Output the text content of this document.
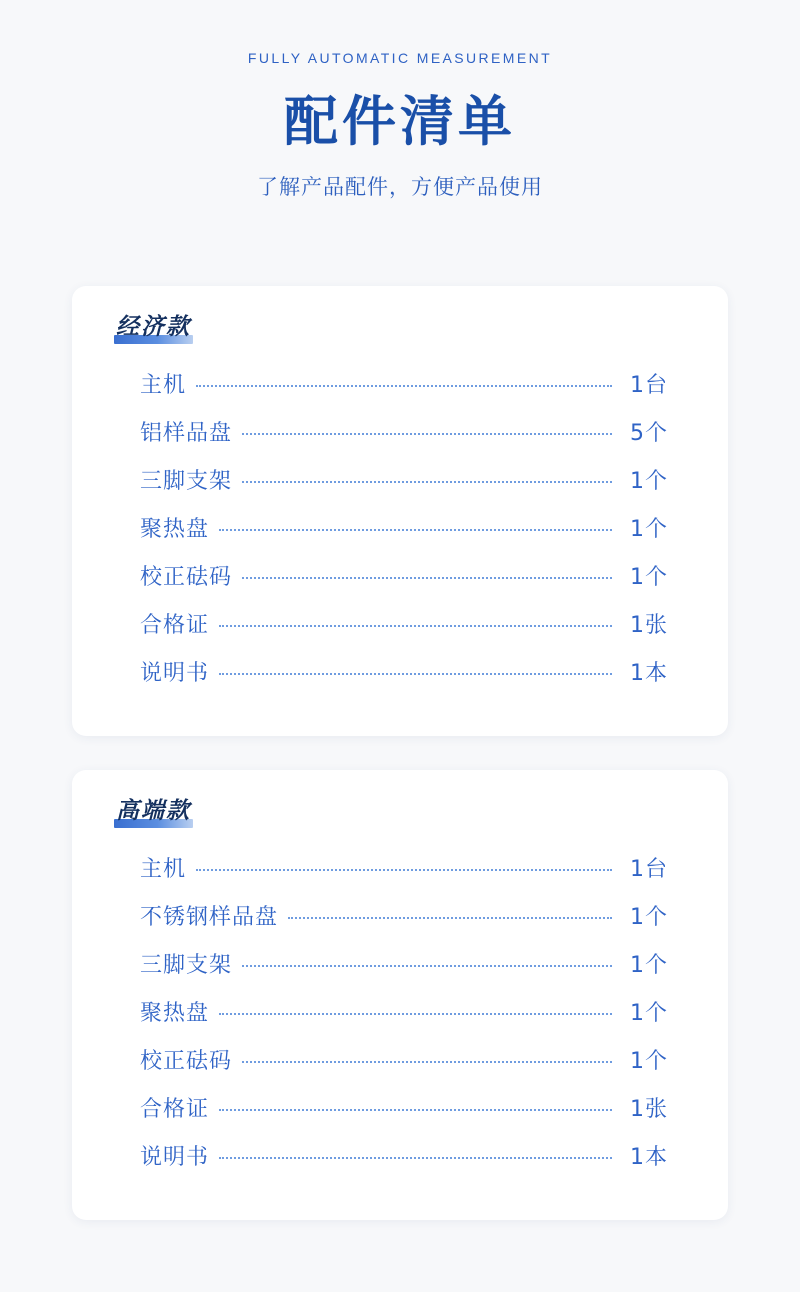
FULLY AUTOMATIC MEASUREMENT
配件清单
了解产品配件，方便产品使用
经济款
主机	1台
铝样品盘	5个
三脚支架	1个
聚热盘	1个
校正砝码	1个
合格证	1张
说明书	1本
高端款
主机	1台
不锈钢样品盘	1个
三脚支架	1个
聚热盘	1个
校正砝码	1个
合格证	1张
说明书	1本
